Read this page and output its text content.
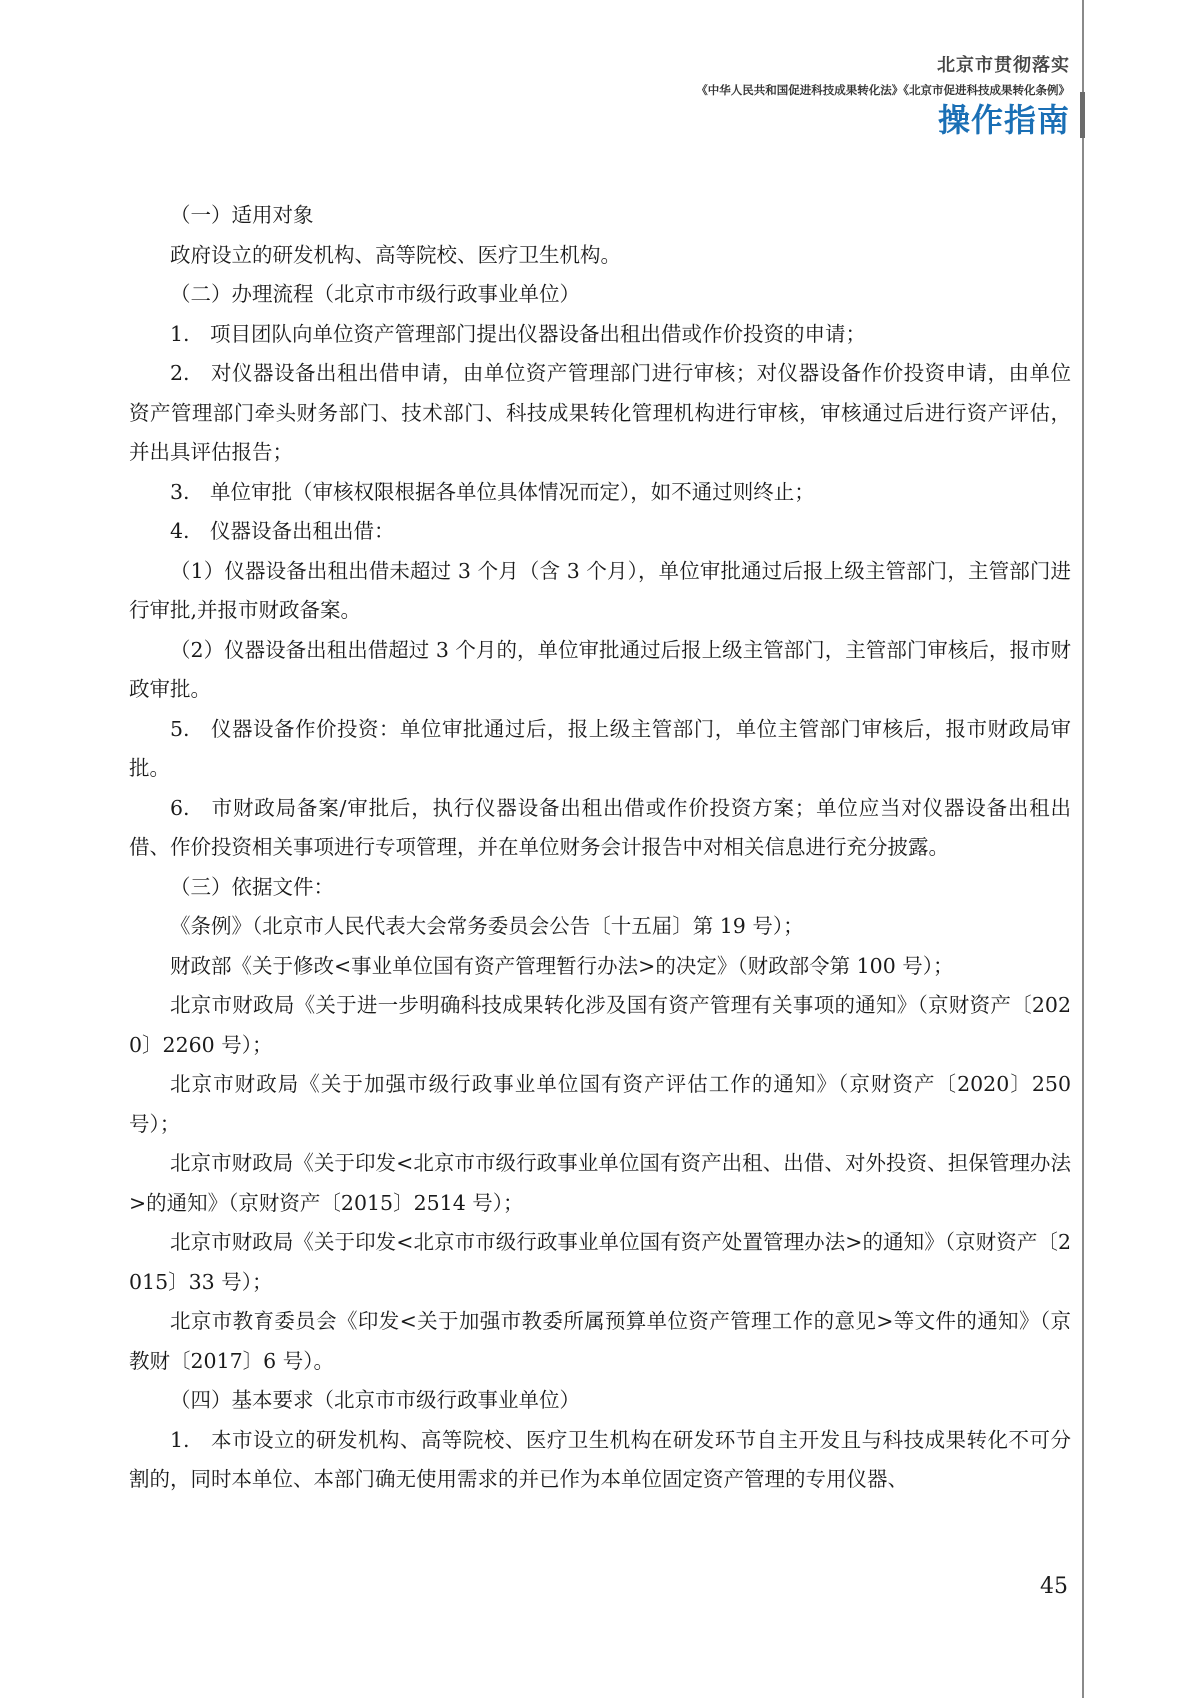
北京市贯彻落实
《中华人民共和国促进科技成果转化法》《北京市促进科技成果转化条例》
操作指南

（一）适用对象

政府设立的研发机构、高等院校、医疗卫生机构。

（二）办理流程（北京市市级行政事业单位）

1.　项目团队向单位资产管理部门提出仪器设备出租出借或作价投资的申请；

2.　对仪器设备出租出借申请，由单位资产管理部门进行审核；对仪器设备作价投资申请，由单位资产管理部门牵头财务部门、技术部门、科技成果转化管理机构进行审核，审核通过后进行资产评估，并出具评估报告；

3.　单位审批（审核权限根据各单位具体情况而定），如不通过则终止；

4.　仪器设备出租出借：

（1）仪器设备出租出借未超过 3 个月（含 3 个月），单位审批通过后报上级主管部门，主管部门进行审批,并报市财政备案。

（2）仪器设备出租出借超过 3 个月的，单位审批通过后报上级主管部门，主管部门审核后，报市财政审批。

5.　仪器设备作价投资：单位审批通过后，报上级主管部门，单位主管部门审核后，报市财政局审批。

6.　市财政局备案/审批后，执行仪器设备出租出借或作价投资方案；单位应当对仪器设备出租出借、作价投资相关事项进行专项管理，并在单位财务会计报告中对相关信息进行充分披露。

（三）依据文件：

《条例》（北京市人民代表大会常务委员会公告〔十五届〕第 19 号）；

财政部《关于修改<事业单位国有资产管理暂行办法>的决定》（财政部令第 100 号）；

北京市财政局《关于进一步明确科技成果转化涉及国有资产管理有关事项的通知》（京财资产〔2020〕2260 号）；

北京市财政局《关于加强市级行政事业单位国有资产评估工作的通知》（京财资产〔2020〕250 号）；

北京市财政局《关于印发<北京市市级行政事业单位国有资产出租、出借、对外投资、担保管理办法>的通知》（京财资产〔2015〕2514 号）；

北京市财政局《关于印发<北京市市级行政事业单位国有资产处置管理办法>的通知》（京财资产〔2015〕33 号）；

北京市教育委员会《印发<关于加强市教委所属预算单位资产管理工作的意见>等文件的通知》（京教财〔2017〕6 号）。

（四）基本要求（北京市市级行政事业单位）

1.　本市设立的研发机构、高等院校、医疗卫生机构在研发环节自主开发且与科技成果转化不可分割的，同时本单位、本部门确无使用需求的并已作为本单位固定资产管理的专用仪器、

45
